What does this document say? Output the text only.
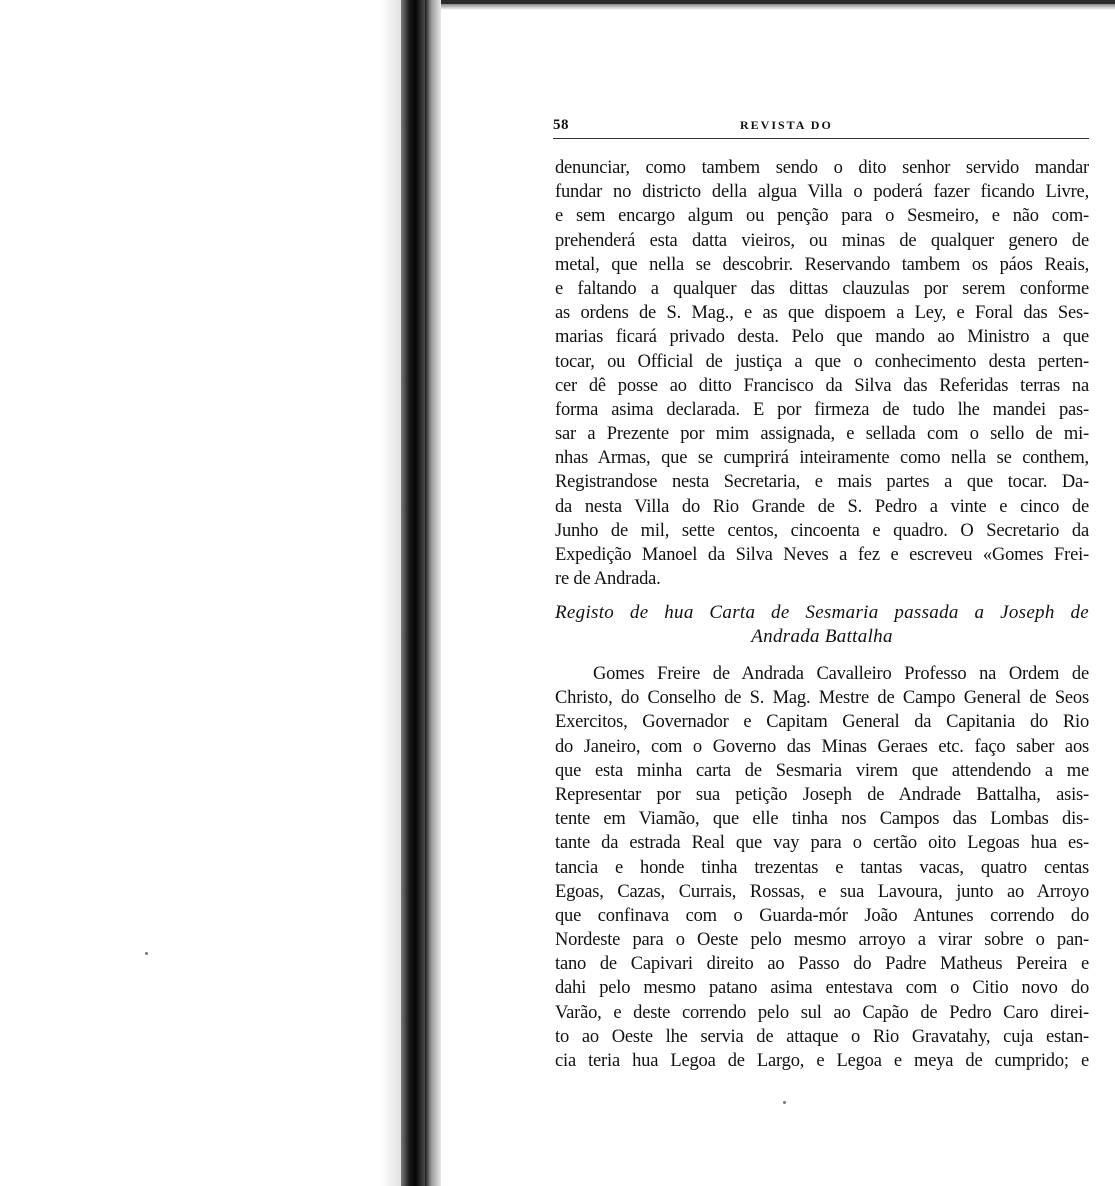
58	REVISTA DO
denunciar, como tambem sendo o dito senhor servido mandar
fundar no districto della algua Villa o poderá fazer ficando Livre,
e sem encargo algum ou penção para o Sesmeiro, e não com-
prehenderá esta datta vieiros, ou minas de qualquer genero de
metal, que nella se descobrir. Reservando tambem os páos Reais,
e faltando a qualquer das dittas clauzulas por serem conforme
as ordens de S. Mag., e as que dispoem a Ley, e Foral das Ses-
marias ficará privado desta. Pelo que mando ao Ministro a que
tocar, ou Official de justiça a que o conhecimento desta perten-
cer dê posse ao ditto Francisco da Silva das Referidas terras na
forma asima declarada. E por firmeza de tudo lhe mandei pas-
sar a Prezente por mim assignada, e sellada com o sello de mi-
nhas Armas, que se cumprirá inteiramente como nella se conthem,
Registrandose nesta Secretaria, e mais partes a que tocar. Da-
da nesta Villa do Rio Grande de S. Pedro a vinte e cinco de
Junho de mil, sette centos, cincoenta e quadro. O Secretario da
Expedição Manoel da Silva Neves a fez e escreveu «Gomes Frei-
re de Andrada.
Registo de hua Carta de Sesmaria passada a Joseph de
Andrada Battalha
Gomes Freire de Andrada Cavalleiro Professo na Ordem de
Christo, do Conselho de S. Mag. Mestre de Campo General de Seos
Exercitos, Governador e Capitam General da Capitania do Rio
do Janeiro, com o Governo das Minas Geraes etc. faço saber aos
que esta minha carta de Sesmaria virem que attendendo a me
Representar por sua petição Joseph de Andrade Battalha, asis-
tente em Viamão, que elle tinha nos Campos das Lombas dis-
tante da estrada Real que vay para o certão oito Legoas hua es-
tancia e honde tinha trezentas e tantas vacas, quatro centas
Egoas, Cazas, Currais, Rossas, e sua Lavoura, junto ao Arroyo
que confinava com o Guarda-mór João Antunes correndo do
Nordeste para o Oeste pelo mesmo arroyo a virar sobre o pan-
tano de Capivari direito ao Passo do Padre Matheus Pereira e
dahi pelo mesmo patano asima entestava com o Citio novo do
Varão, e deste correndo pelo sul ao Capão de Pedro Caro direi-
to ao Oeste lhe servia de attaque o Rio Gravatahy, cuja estan-
cia teria hua Legoa de Largo, e Legoa e meya de cumprido; e
